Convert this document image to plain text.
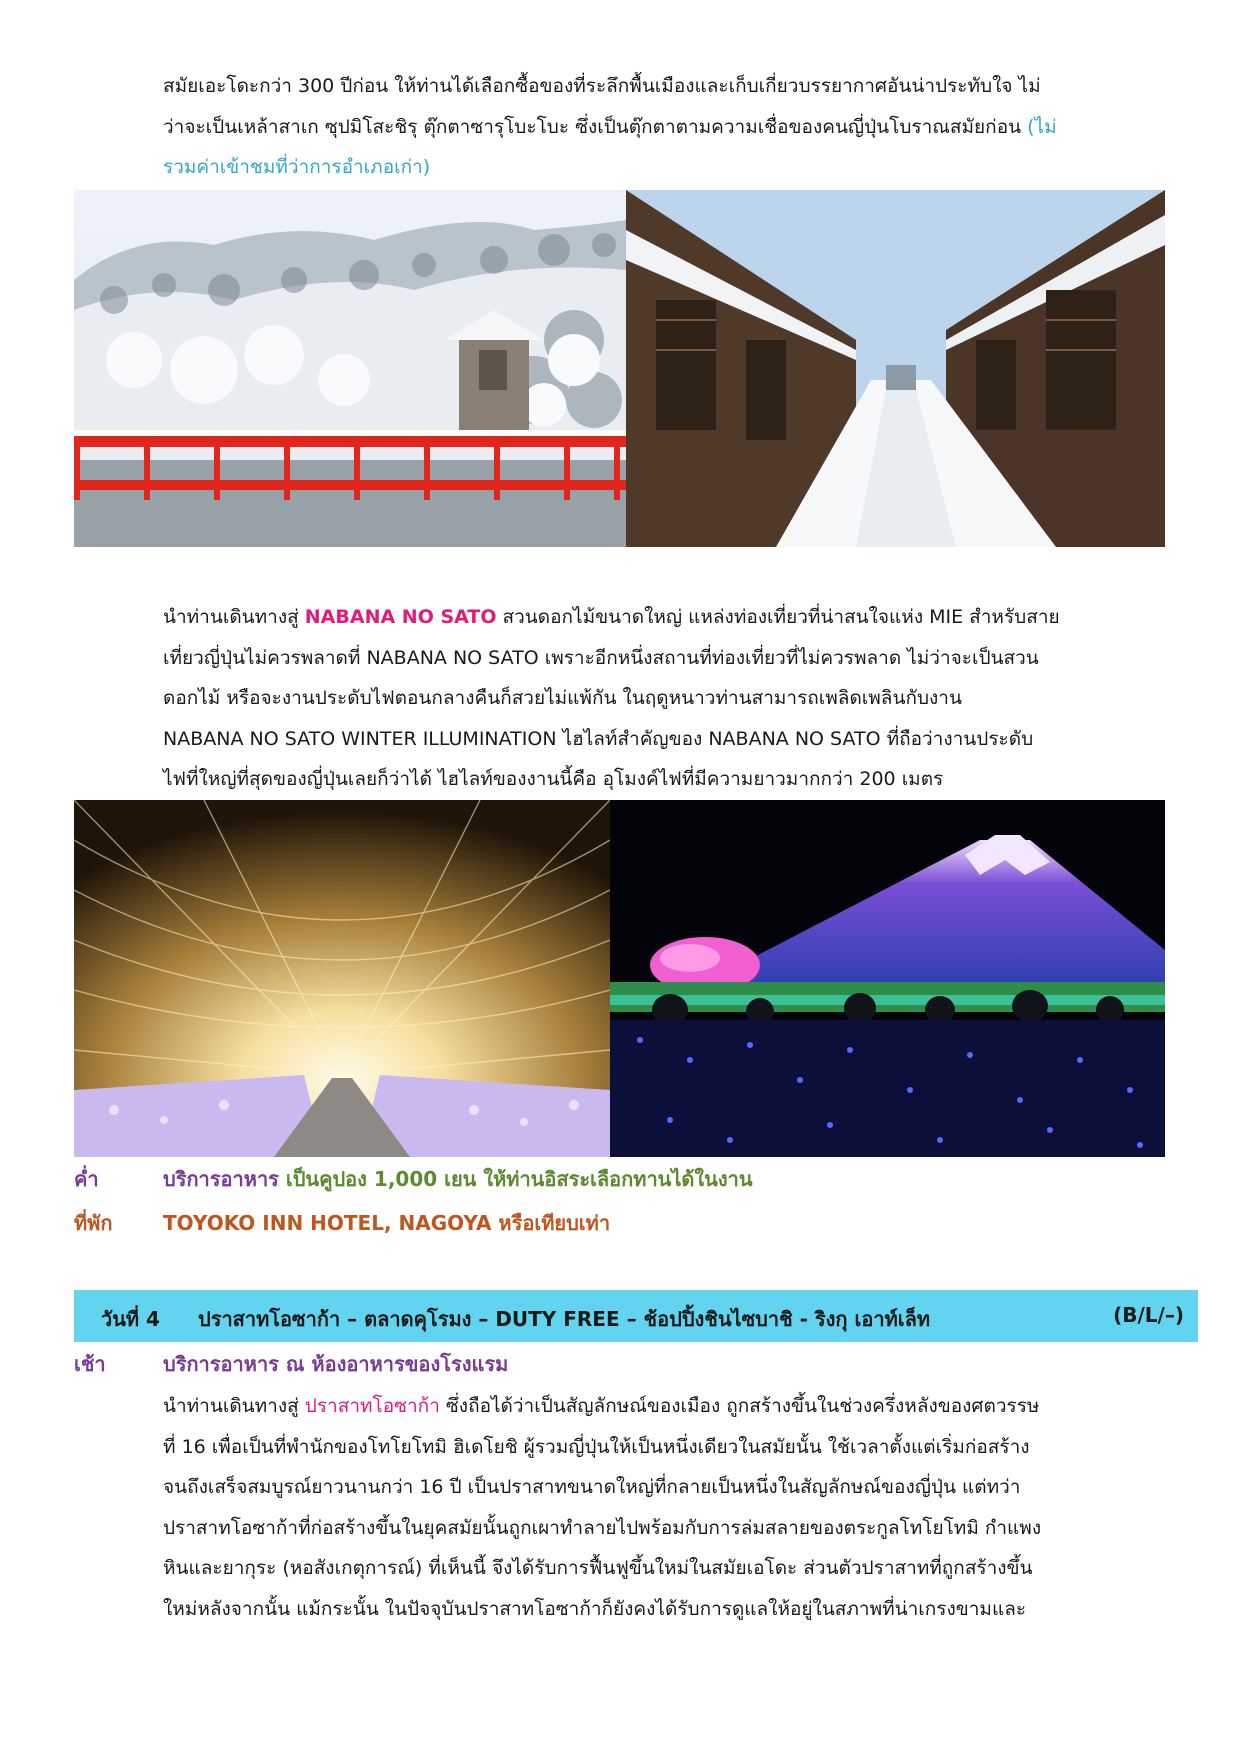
สมัยเอะโดะกว่า 300 ปีก่อน ให้ท่านได้เลือกซื้อของที่ระลึกพื้นเมืองและเก็บเกี่ยวบรรยากาศอันน่าประทับใจ ไม่

ว่าจะเป็นเหล้าสาเก ซุปมิโสะชิรุ ตุ๊กตาซารุโบะโบะ ซึ่งเป็นตุ๊กตาตามความเชื่อของคนญี่ปุ่นโบราณสมัยก่อน (ไม่

รวมค่าเข้าชมที่ว่าการอำเภอเก่า)

นำท่านเดินทางสู่ NABANA NO SATO สวนดอกไม้ขนาดใหญ่ แหล่งท่องเที่ยวที่น่าสนใจแห่ง MIE สำหรับสาย

เที่ยวญี่ปุ่นไม่ควรพลาดที่ NABANA NO SATO เพราะอีกหนึ่งสถานที่ท่องเที่ยวที่ไม่ควรพลาด ไม่ว่าจะเป็นสวน

ดอกไม้ หรือจะงานประดับไฟตอนกลางคืนก็สวยไม่แพ้กัน ในฤดูหนาวท่านสามารถเพลิดเพลินกับงาน

NABANA NO SATO WINTER ILLUMINATION ไฮไลท์สำคัญของ NABANA NO SATO ที่ถือว่างานประดับ

ไฟที่ใหญ่ที่สุดของญี่ปุ่นเลยก็ว่าได้ ไฮไลท์ของงานนี้คือ อุโมงค์ไฟที่มีความยาวมากกว่า 200 เมตร

ค่ำ	บริการอาหาร เป็นคูปอง 1,000 เยน ให้ท่านอิสระเลือกทานได้ในงาน
ที่พัก	TOYOKO INN HOTEL, NAGOYA หรือเทียบเท่า
วันที่ 4 ปราสาทโอซาก้า – ตลาดคุโรมง – DUTY FREE – ช้อปปิ้งชินไซบาชิ - ริงกุ เอาท์เล็ท	(B/L/–)
เช้า	บริการอาหาร ณ ห้องอาหารของโรงแรม

นำท่านเดินทางสู่ ปราสาทโอซาก้า ซึ่งถือได้ว่าเป็นสัญลักษณ์ของเมือง ถูกสร้างขึ้นในช่วงครึ่งหลังของศตวรรษ

ที่ 16 เพื่อเป็นที่พำนักของโทโยโทมิ ฮิเดโยชิ ผู้รวมญี่ปุ่นให้เป็นหนึ่งเดียวในสมัยนั้น ใช้เวลาตั้งแต่เริ่มก่อสร้าง

จนถึงเสร็จสมบูรณ์ยาวนานกว่า 16 ปี เป็นปราสาทขนาดใหญ่ที่กลายเป็นหนึ่งในสัญลักษณ์ของญี่ปุ่น แต่ทว่า

ปราสาทโอซาก้าที่ก่อสร้างขึ้นในยุคสมัยนั้นถูกเผาทำลายไปพร้อมกับการล่มสลายของตระกูลโทโยโทมิ กำแพง

หินและยากุระ (หอสังเกตุการณ์) ที่เห็นนี้ จึงได้รับการฟื้นฟูขึ้นใหม่ในสมัยเอโดะ ส่วนตัวปราสาทที่ถูกสร้างขึ้น

ใหม่หลังจากนั้น แม้กระนั้น ในปัจจุบันปราสาทโอซาก้าก็ยังคงได้รับการดูแลให้อยู่ในสภาพที่น่าเกรงขามและ
